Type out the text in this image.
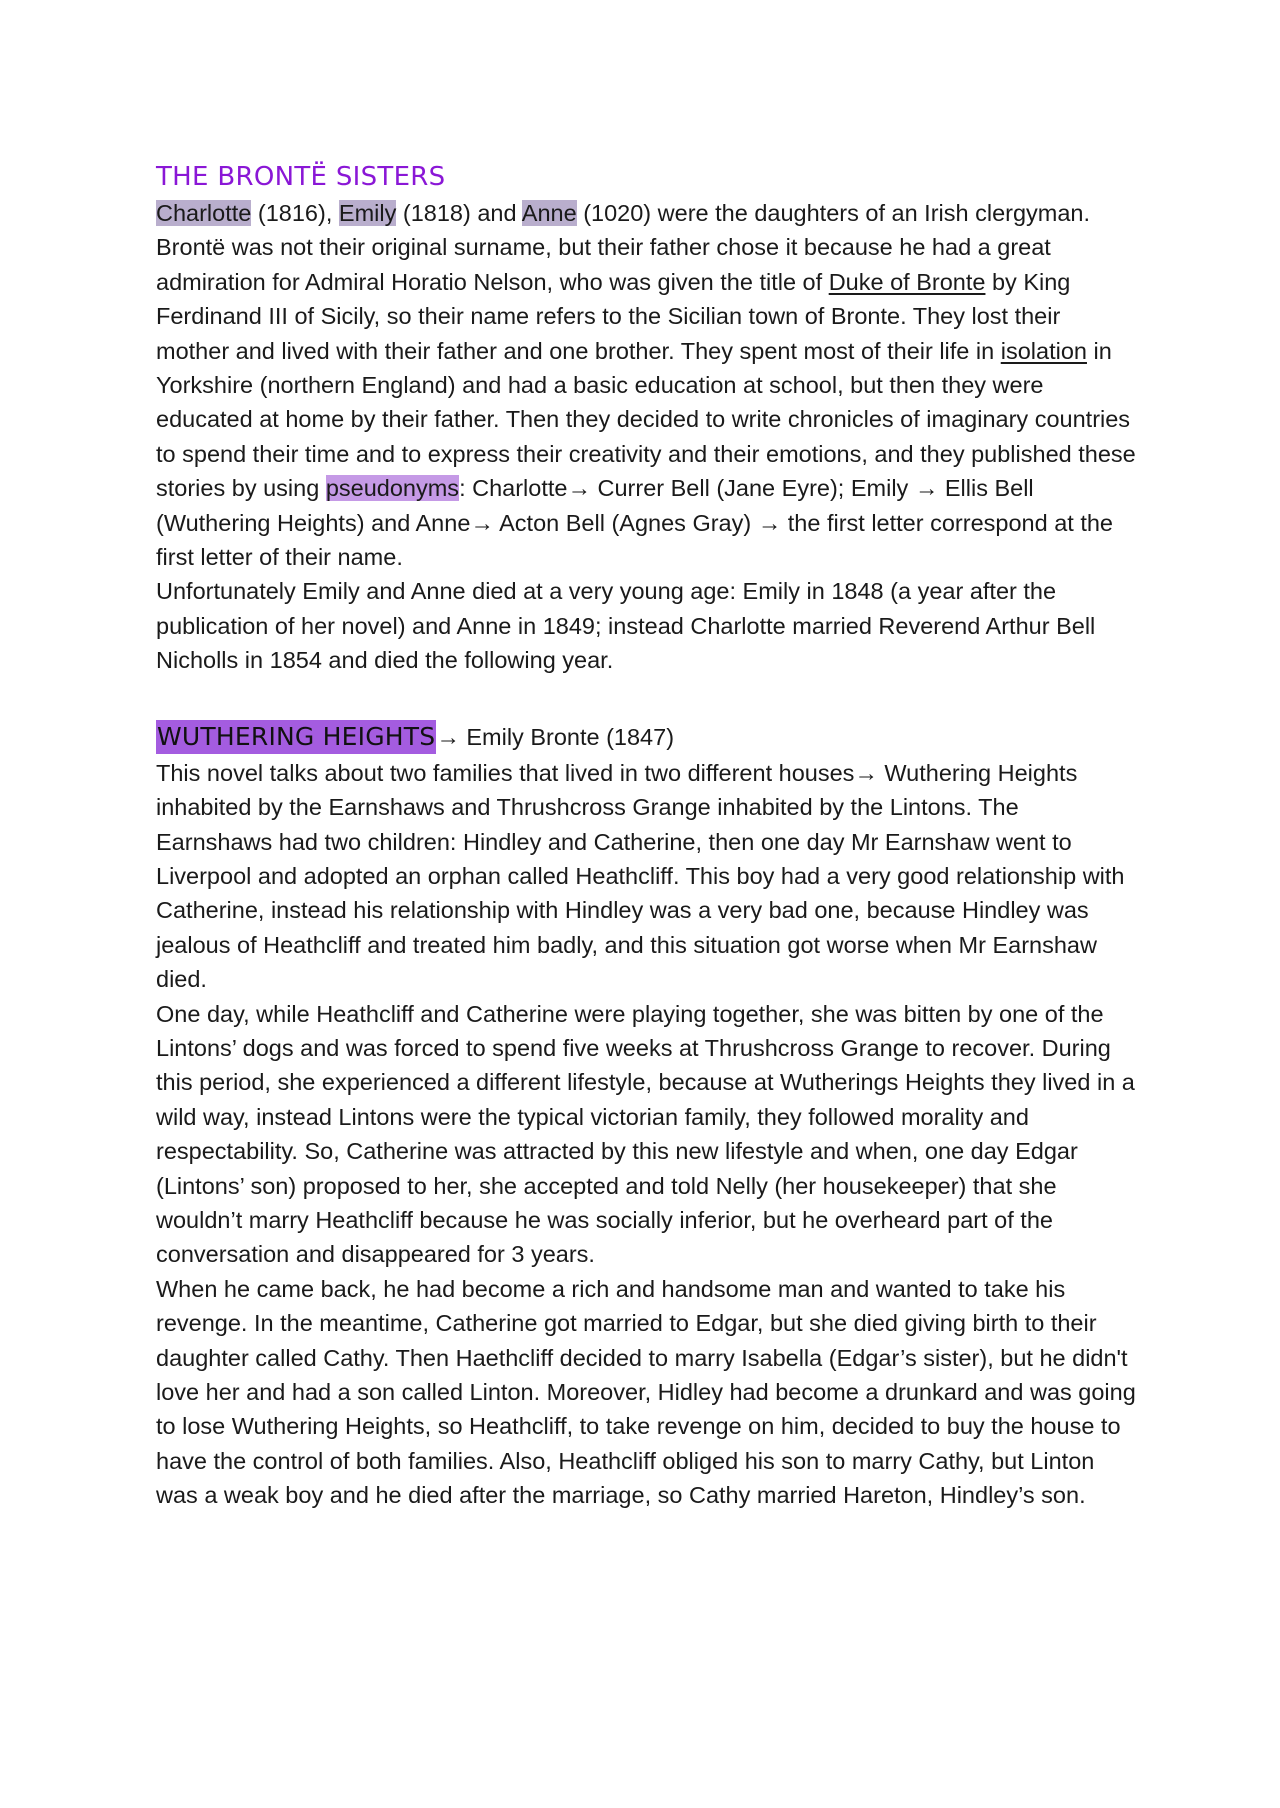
THE BRONTË SISTERS

Charlotte (1816), Emily (1818) and Anne (1020) were the daughters of an Irish clergyman. Brontë was not their original surname, but their father chose it because he had a great admiration for Admiral Horatio Nelson, who was given the title of Duke of Bronte by King Ferdinand III of Sicily, so their name refers to the Sicilian town of Bronte. They lost their mother and lived with their father and one brother. They spent most of their life in isolation in Yorkshire (northern England) and had a basic education at school, but then they were educated at home by their father. Then they decided to write chronicles of imaginary countries to spend their time and to express their creativity and their emotions, and they published these stories by using pseudonyms: Charlotte→ Currer Bell (Jane Eyre); Emily → Ellis Bell (Wuthering Heights) and Anne→ Acton Bell (Agnes Gray) → the first letter correspond at the first letter of their name.

Unfortunately Emily and Anne died at a very young age: Emily in 1848 (a year after the publication of her novel) and Anne in 1849; instead Charlotte married Reverend Arthur Bell Nicholls in 1854 and died the following year.

WUTHERING HEIGHTS→ Emily Bronte (1847)

This novel talks about two families that lived in two different houses→ Wuthering Heights inhabited by the Earnshaws and Thrushcross Grange inhabited by the Lintons. The Earnshaws had two children: Hindley and Catherine, then one day Mr Earnshaw went to Liverpool and adopted an orphan called Heathcliff. This boy had a very good relationship with Catherine, instead his relationship with Hindley was a very bad one, because Hindley was jealous of Heathcliff and treated him badly, and this situation got worse when Mr Earnshaw died.

One day, while Heathcliff and Catherine were playing together, she was bitten by one of the Lintons’ dogs and was forced to spend five weeks at Thrushcross Grange to recover. During this period, she experienced a different lifestyle, because at Wutherings Heights they lived in a wild way, instead Lintons were the typical victorian family, they followed morality and respectability. So, Catherine was attracted by this new lifestyle and when, one day Edgar (Lintons’ son) proposed to her, she accepted and told Nelly (her housekeeper) that she wouldn’t marry Heathcliff because he was socially inferior, but he overheard part of the conversation and disappeared for 3 years.

When he came back, he had become a rich and handsome man and wanted to take his revenge. In the meantime, Catherine got married to Edgar, but she died giving birth to their daughter called Cathy. Then Haethcliff decided to marry Isabella (Edgar’s sister), but he didn't love her and had a son called Linton. Moreover, Hidley had become a drunkard and was going to lose Wuthering Heights, so Heathcliff, to take revenge on him, decided to buy the house to have the control of both families. Also, Heathcliff obliged his son to marry Cathy, but Linton was a weak boy and he died after the marriage, so Cathy married Hareton, Hindley’s son.
